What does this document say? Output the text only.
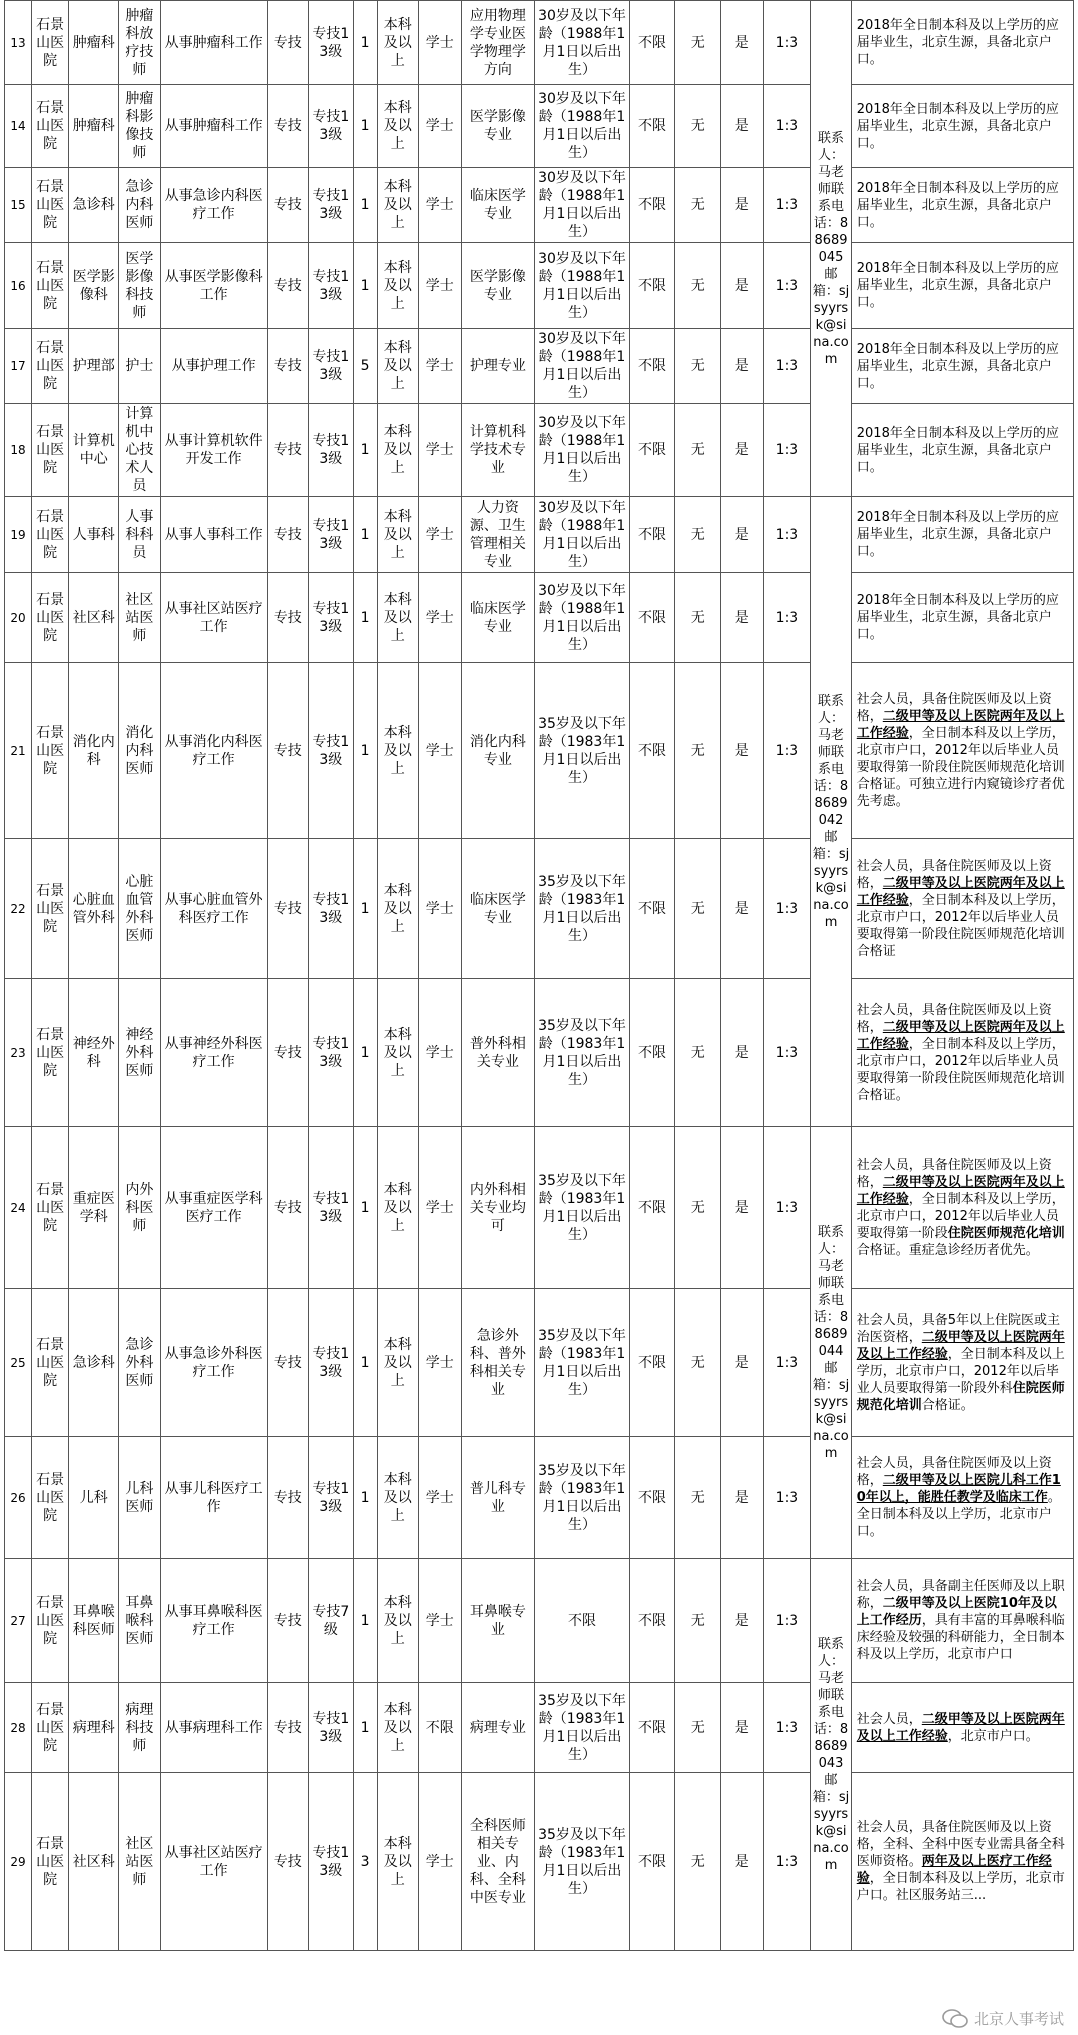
13	石景山医院	肿瘤科	肿瘤科放疗技师	从事肿瘤科工作	专技	专技13级	1	本科及以上	学士	应用物理学专业医学物理学方向	30岁及以下年龄（1988年1月1日以后出生）	不限	无	是	1:3	联系人：马老师联系电话：88689045邮箱：sjsyyrsk@sina.com	2018年全日制本科及以上学历的应届毕业生，北京生源，具备北京户口。
14	石景山医院	肿瘤科	肿瘤科影像技师	从事肿瘤科工作	专技	专技13级	1	本科及以上	学士	医学影像专业	30岁及以下年龄（1988年1月1日以后出生）	不限	无	是	1:3		2018年全日制本科及以上学历的应届毕业生，北京生源，具备北京户口。
15	石景山医院	急诊科	急诊内科医师	从事急诊内科医疗工作	专技	专技13级	1	本科及以上	学士	临床医学专业	30岁及以下年龄（1988年1月1日以后出生）	不限	无	是	1:3		2018年全日制本科及以上学历的应届毕业生，北京生源，具备北京户口。
16	石景山医院	医学影像科	医学影像科技师	从事医学影像科工作	专技	专技13级	1	本科及以上	学士	医学影像专业	30岁及以下年龄（1988年1月1日以后出生）	不限	无	是	1:3		2018年全日制本科及以上学历的应届毕业生，北京生源，具备北京户口。
17	石景山医院	护理部	护士	从事护理工作	专技	专技13级	5	本科及以上	学士	护理专业	30岁及以下年龄（1988年1月1日以后出生）	不限	无	是	1:3		2018年全日制本科及以上学历的应届毕业生，北京生源，具备北京户口。
18	石景山医院	计算机中心	计算机中心技术人员	从事计算机软件开发工作	专技	专技13级	1	本科及以上	学士	计算机科学技术专业	30岁及以下年龄（1988年1月1日以后出生）	不限	无	是	1:3		2018年全日制本科及以上学历的应届毕业生，北京生源，具备北京户口。
19	石景山医院	人事科	人事科科员	从事人事科工作	专技	专技13级	1	本科及以上	学士	人力资源、卫生管理相关专业	30岁及以下年龄（1988年1月1日以后出生）	不限	无	是	1:3	联系人：马老师联系电话：88689042邮箱：sjsyyrsk@sina.com	2018年全日制本科及以上学历的应届毕业生，北京生源，具备北京户口。
20	石景山医院	社区科	社区站医师	从事社区站医疗工作	专技	专技13级	1	本科及以上	学士	临床医学专业	30岁及以下年龄（1988年1月1日以后出生）	不限	无	是	1:3		2018年全日制本科及以上学历的应届毕业生，北京生源，具备北京户口。
21	石景山医院	消化内科	消化内科医师	从事消化内科医疗工作	专技	专技13级	1	本科及以上	学士	消化内科专业	35岁及以下年龄（1983年1月1日以后出生）	不限	无	是	1:3		社会人员，具备住院医师及以上资格，二级甲等及以上医院两年及以上工作经验，全日制本科及以上学历，北京市户口，2012年以后毕业人员要取得第一阶段住院医师规范化培训合格证。可独立进行内窥镜诊疗者优先考虑。
22	石景山医院	心脏血管外科	心脏血管外科医师	从事心脏血管外科医疗工作	专技	专技13级	1	本科及以上	学士	临床医学专业	35岁及以下年龄（1983年1月1日以后出生）	不限	无	是	1:3		社会人员，具备住院医师及以上资格，二级甲等及以上医院两年及以上工作经验，全日制本科及以上学历，北京市户口，2012年以后毕业人员要取得第一阶段住院医师规范化培训合格证
23	石景山医院	神经外科	神经外科医师	从事神经外科医疗工作	专技	专技13级	1	本科及以上	学士	普外科相关专业	35岁及以下年龄（1983年1月1日以后出生）	不限	无	是	1:3		社会人员，具备住院医师及以上资格，二级甲等及以上医院两年及以上工作经验，全日制本科及以上学历，北京市户口，2012年以后毕业人员要取得第一阶段住院医师规范化培训合格证。
24	石景山医院	重症医学科	内外科医师	从事重症医学科医疗工作	专技	专技13级	1	本科及以上	学士	内外科相关专业均可	35岁及以下年龄（1983年1月1日以后出生）	不限	无	是	1:3	联系人：马老师联系电话：88689044邮箱：sjsyyrsk@sina.com	社会人员，具备住院医师及以上资格，二级甲等及以上医院两年及以上工作经验，全日制本科及以上学历，北京市户口，2012年以后毕业人员要取得第一阶段住院医师规范化培训合格证。重症急诊经历者优先。
25	石景山医院	急诊科	急诊外科医师	从事急诊外科医疗工作	专技	专技13级	1	本科及以上	学士	急诊外科、普外科相关专业	35岁及以下年龄（1983年1月1日以后出生）	不限	无	是	1:3		社会人员，具备5年以上住院医或主治医资格，二级甲等及以上医院两年及以上工作经验，全日制本科及以上学历，北京市户口，2012年以后毕业人员要取得第一阶段外科住院医师规范化培训合格证。
26	石景山医院	儿科	儿科医师	从事儿科医疗工作	专技	专技13级	1	本科及以上	学士	普儿科专业	35岁及以下年龄（1983年1月1日以后出生）	不限	无	是	1:3		社会人员，具备住院医师及以上资格，二级甲等及以上医院儿科工作10年以上，能胜任教学及临床工作。全日制本科及以上学历，北京市户口。
27	石景山医院	耳鼻喉科医师	耳鼻喉科医师	从事耳鼻喉科医疗工作	专技	专技7级	1	本科及以上	学士	耳鼻喉专业	不限	不限	无	是	1:3	联系人：马老师联系电话：88689043邮箱：sjsyyrsk@sina.com	社会人员，具备副主任医师及以上职称，二级甲等及以上医院10年及以上工作经历，具有丰富的耳鼻喉科临床经验及较强的科研能力，全日制本科及以上学历，北京市户口
28	石景山医院	病理科	病理科技师	从事病理科工作	专技	专技13级	1	本科及以上	不限	病理专业	35岁及以下年龄（1983年1月1日以后出生）	不限	无	是	1:3		社会人员，二级甲等及以上医院两年及以上工作经验，北京市户口。
29	石景山医院	社区科	社区站医师	从事社区站医疗工作	专技	专技13级	3	本科及以上	学士	全科医师相关专业、内科、全科中医专业	35岁及以下年龄（1983年1月1日以后出生）	不限	无	是	1:3		社会人员，具备住院医师及以上资格，全科、全科中医专业需具备全科医师资格。两年及以上医疗工作经验，全日制本科及以上学历，北京市户口。社区服务站三...
北京人事考试
